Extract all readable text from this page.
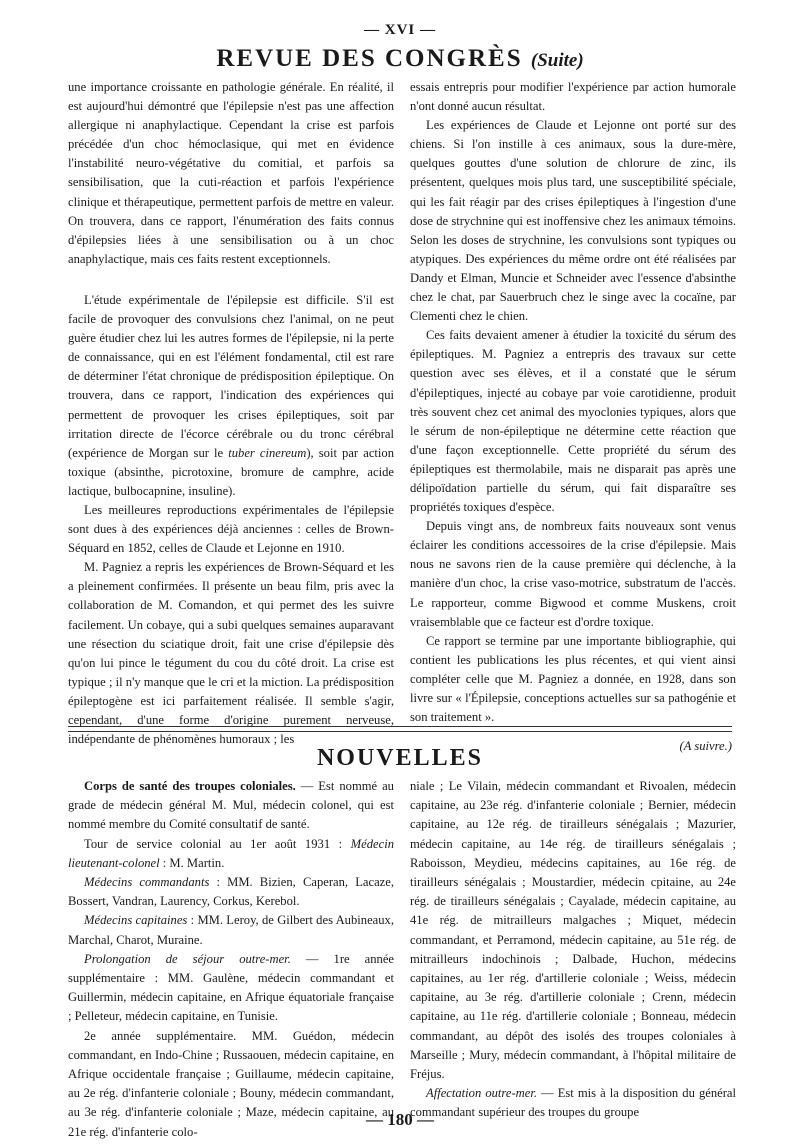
— XVI —
REVUE DES CONGRÈS (Suite)

une importance croissante en pathologie générale. En réalité, il est aujourd'hui démontré que l'épilepsie n'est pas une affection allergique ni anaphylactique. Cependant la crise est parfois précédée d'un choc hémoclasique, qui met en évidence l'instabilité neuro-végétative du comitial, et parfois sa sensibilisation, que la cuti-réaction et parfois l'expérience clinique et thérapeutique, permettent parfois de mettre en valeur. On trouvera, dans ce rapport, l'énumération des faits connus d'épilepsies liées à une sensibilisation ou à un choc anaphylactique, mais ces faits restent exceptionnels.

L'étude expérimentale de l'épilepsie est difficile. S'il est facile de provoquer des convulsions chez l'animal, on ne peut guère étudier chez lui les autres formes de l'épilepsie, ni la perte de connaissance, qui en est l'élément fondamental, ctil est rare de déterminer l'état chronique de prédisposition épileptique. On trouvera, dans ce rapport, l'indication des expériences qui permettent de provoquer les crises épileptiques, soit par irritation directe de l'écorce cérébrale ou du tronc cérébral (expérience de Morgan sur le tuber cinereum), soit par action toxique (absinthe, picrotoxine, bromure de camphre, acide lactique, bulbocapnine, insuline).

Les meilleures reproductions expérimentales de l'épilepsie sont dues à des expériences déjà anciennes : celles de Brown-Séquard en 1852, celles de Claude et Lejonne en 1910.

M. Pagniez a repris les expériences de Brown-Séquard et les a pleinement confirmées. Il présente un beau film, pris avec la collaboration de M. Comandon, et qui permet des les suivre facilement. Un cobaye, qui a subi quelques semaines auparavant une résection du sciatique droit, fait une crise d'épilepsie dès qu'on lui pince le tégument du cou du côté droit. La crise est typique ; il n'y manque que le cri et la miction. La prédisposition épileptogène est ici parfaitement réalisée. Il semble s'agir, cependant, d'une forme d'origine purement nerveuse, indépendante de phénomènes humoraux ; les

essais entrepris pour modifier l'expérience par action humorale n'ont donné aucun résultat.

Les expériences de Claude et Lejonne ont porté sur des chiens. Si l'on instille à ces animaux, sous la dure-mère, quelques gouttes d'une solution de chlorure de zinc, ils présentent, quelques mois plus tard, une susceptibilité spéciale, qui les fait réagir par des crises épileptiques à l'ingestion d'une dose de strychnine qui est inoffensive chez les animaux témoins. Selon les doses de strychnine, les convulsions sont typiques ou atypiques. Des expériences du même ordre ont été réalisées par Dandy et Elman, Muncie et Schneider avec l'essence d'absinthe chez le chat, par Sauerbruch chez le singe avec la cocaïne, par Clementi chez le chien.

Ces faits devaient amener à étudier la toxicité du sérum des épileptiques. M. Pagniez a entrepris des travaux sur cette question avec ses élèves, et il a constaté que le sérum d'épileptiques, injecté au cobaye par voie carotidienne, produit très souvent chez cet animal des myoclonies typiques, alors que le sérum de non-épileptique ne détermine cette réaction que d'une façon exceptionnelle. Cette propriété du sérum des épileptiques est thermolabile, mais ne disparait pas après une délipoïdation partielle du sérum, qui fait disparaître ses propriétés toxiques d'espèce.

Depuis vingt ans, de nombreux faits nouveaux sont venus éclairer les conditions accessoires de la crise d'épilepsie. Mais nous ne savons rien de la cause première qui déclenche, à la manière d'un choc, la crise vaso-motrice, substratum de l'accès. Le rapporteur, comme Bigwood et comme Muskens, croit vraisemblable que ce facteur est d'ordre toxique.

Ce rapport se termine par une importante bibliographie, qui contient les publications les plus récentes, et qui vient ainsi compléter celle que M. Pagniez a donnée, en 1928, dans son livre sur « l'Épilepsie, conceptions actuelles sur sa pathogénie et son traitement ».

(A suivre.)
NOUVELLES

Corps de santé des troupes coloniales. — Est nommé au grade de médecin général M. Mul, médecin colonel, qui est nommé membre du Comité consultatif de santé.

Tour de service colonial au 1er août 1931 : Médecin lieutenant-colonel : M. Martin.

Médecins commandants : MM. Bizien, Caperan, Lacaze, Bossert, Vandran, Laurency, Corkus, Kerebol.

Médecins capitaines : MM. Leroy, de Gilbert des Aubineaux, Marchal, Charot, Muraine.

Prolongation de séjour outre-mer. — 1re année supplémentaire : MM. Gaulène, médecin commandant et Guillermin, médecin capitaine, en Afrique équatoriale française ; Pelleteur, médecin capitaine, en Tunisie.

2e année supplémentaire. MM. Guédon, médecin commandant, en Indo-Chine ; Russaouen, médecin capitaine, en Afrique occidentale française ; Guillaume, médecin capitaine, au 2e rég. d'infanterie coloniale ; Bouny, médecin commandant, au 3e rég. d'infanterie coloniale ; Maze, médecin capitaine, au 21e rég. d'infanterie colo-

niale ; Le Vilain, médecin commandant et Rivoalen, médecin capitaine, au 23e rég. d'infanterie coloniale ; Bernier, médecin capitaine, au 12e rég. de tirailleurs sénégalais ; Mazurier, médecin capitaine, au 14e rég. de tirailleurs sénégalais ; Raboisson, Meydieu, médecins capitaines, au 16e rég. de tirailleurs sénégalais ; Moustardier, médecin cpitaine, au 24e rég. de tirailleurs sénégalais ; Cayalade, médecin capitaine, au 41e rég. de mitrailleurs malgaches ; Miquet, médecin commandant, et Perramond, médecin capitaine, au 51e rég. de mitrailleurs indochinois ; Dalbade, Huchon, médecins capitaines, au 1er rég. d'artillerie coloniale ; Weiss, médecin capitaine, au 3e rég. d'artillerie coloniale ; Crenn, médecin capitaine, au 11e rég. d'artillerie coloniale ; Bonneau, médecin commandant, au dépôt des isolés des troupes coloniales à Marseille ; Mury, médecin commandant, à l'hôpital militaire de Fréjus.

Affectation outre-mer. — Est mis à la disposition du général commandant supérieur des troupes du groupe

— 180 —
